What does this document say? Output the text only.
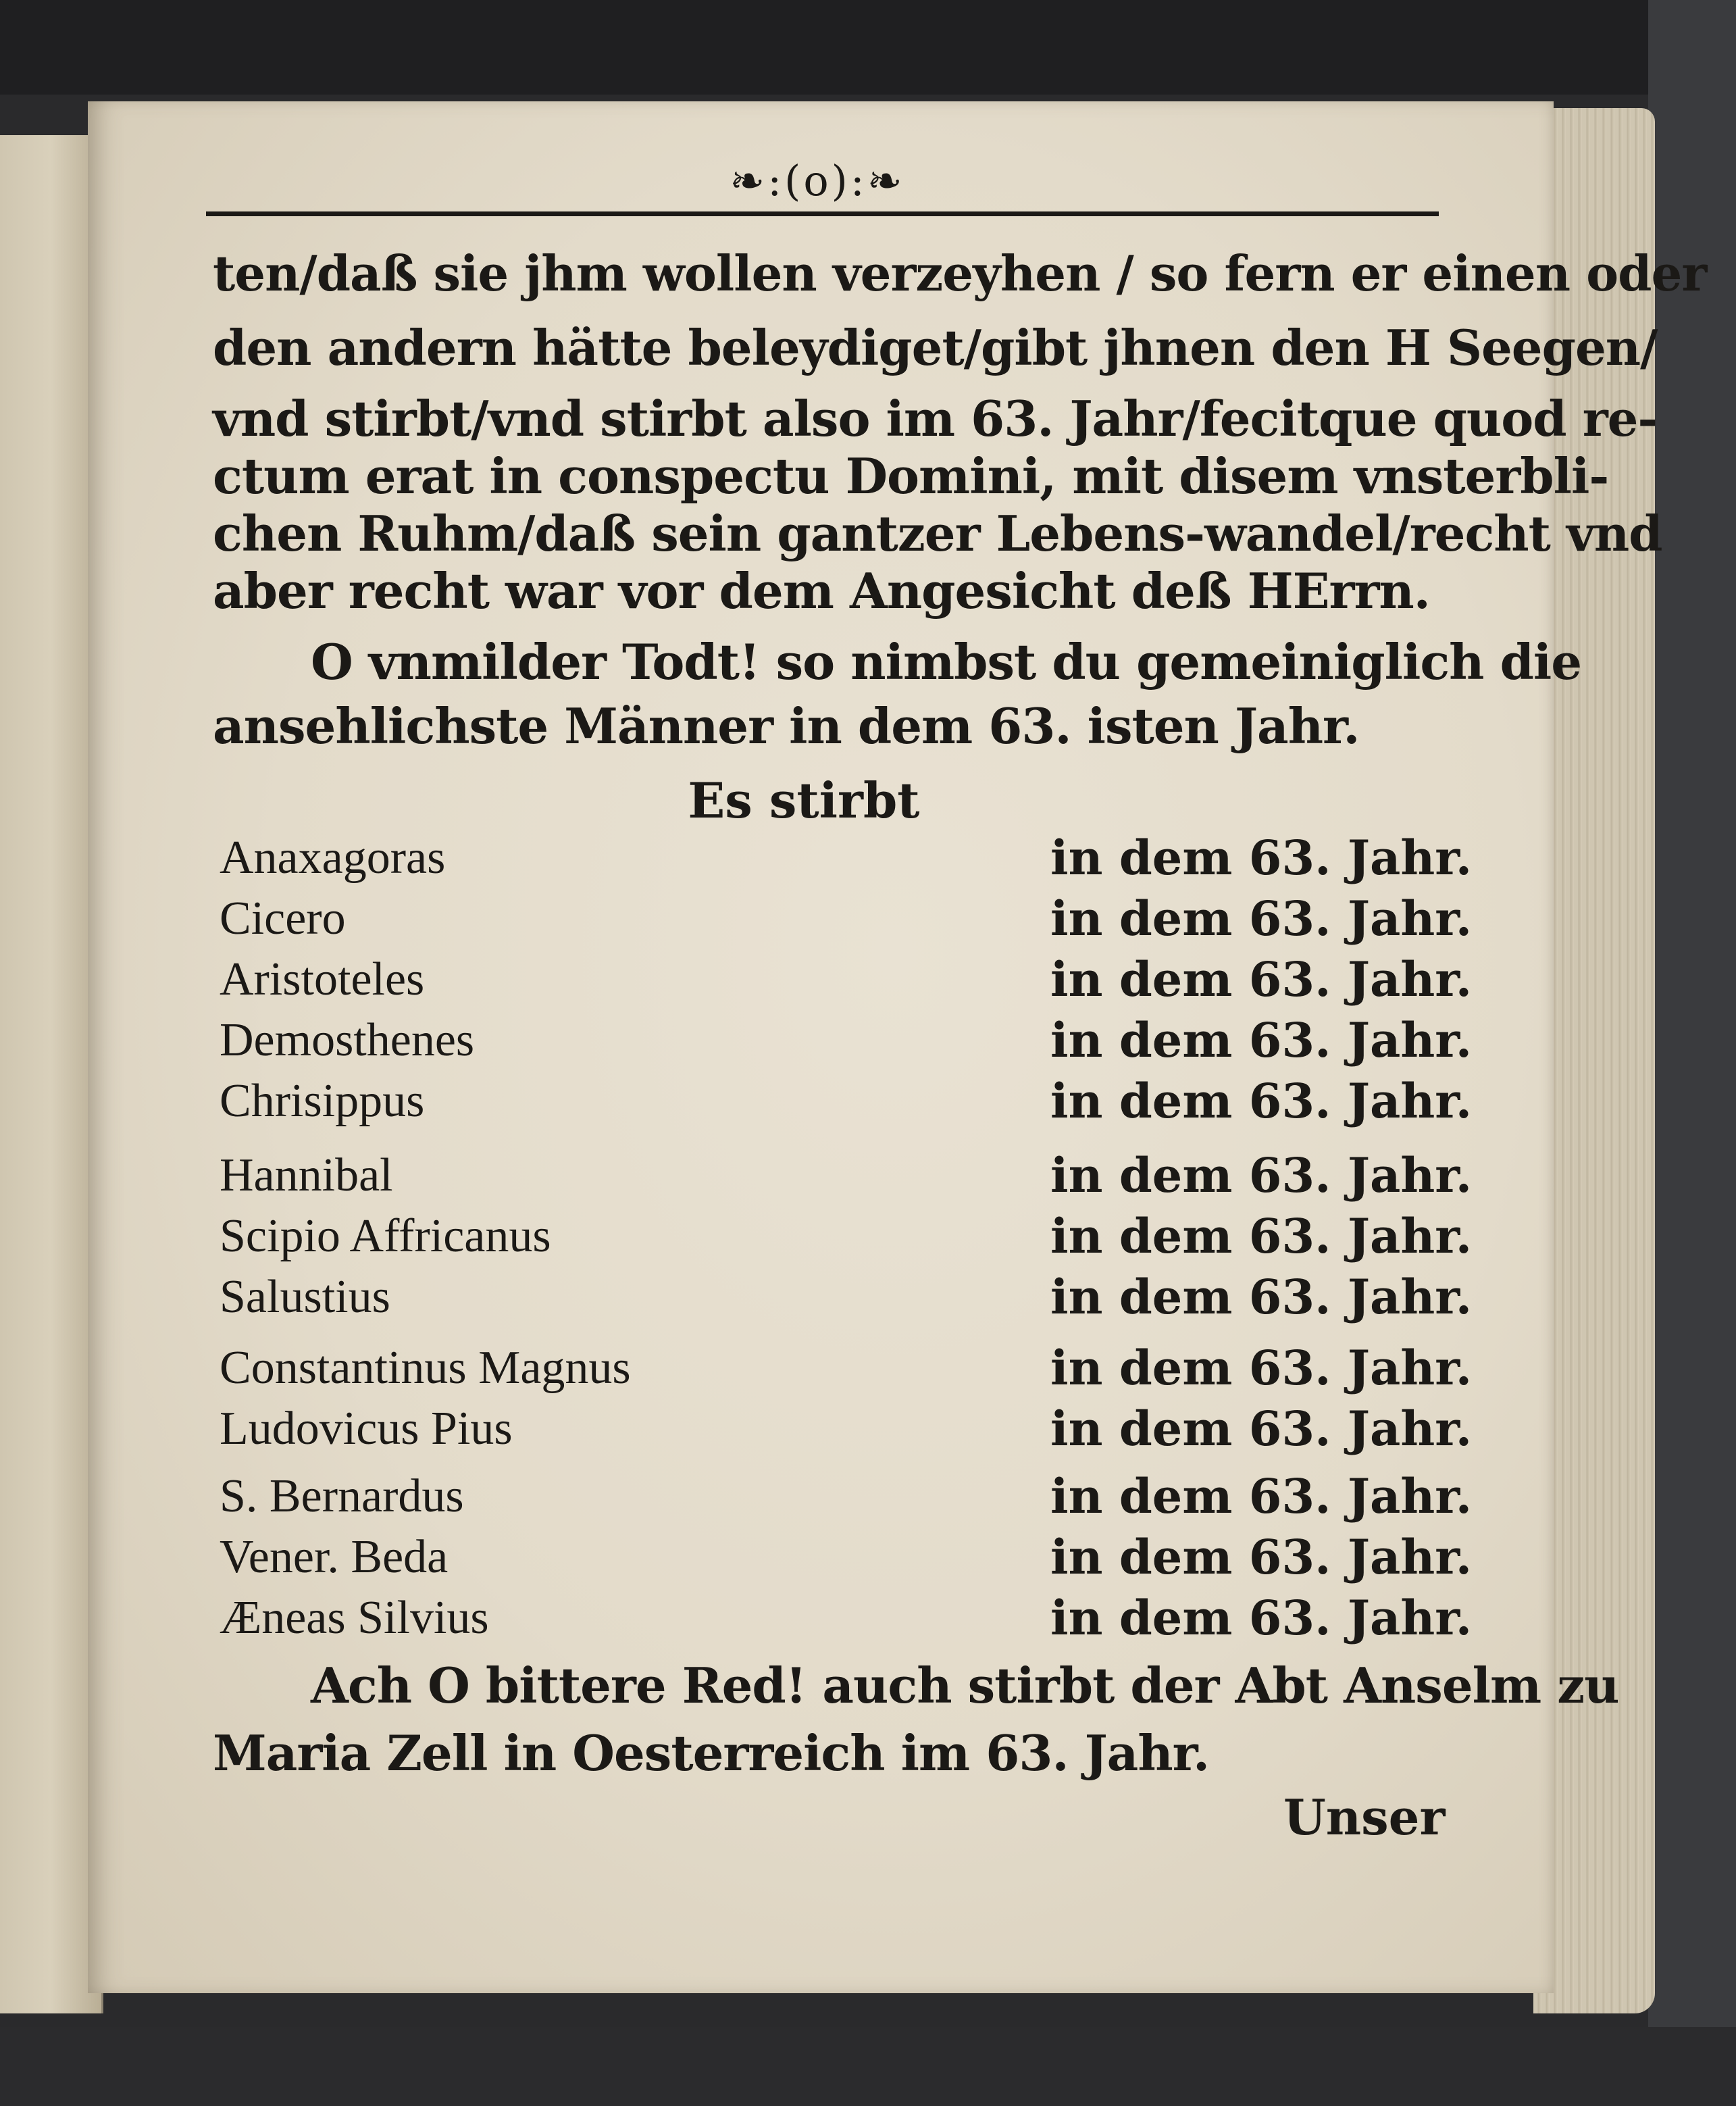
❧:(o):❧
ten/daß sie jhm wollen verzeyhen / so fern er einen oder
den andern hätte beleydiget/gibt jhnen den H Seegen/
vnd stirbt/vnd stirbt also im 63. Jahr/fecitque quod re-
ctum erat in conspectu Domini, mit disem vnsterbli-
chen Ruhm/daß sein gantzer Lebens-wandel/recht vnd
aber recht war vor dem Angesicht deß HErrn.
O vnmilder Todt! so nimbst du gemeiniglich die
ansehlichste Männer in dem 63. isten Jahr.
Es stirbt
Anaxagoras	in dem 63. Jahr.
Cicero	in dem 63. Jahr.
Aristoteles	in dem 63. Jahr.
Demosthenes	in dem 63. Jahr.
Chrisippus	in dem 63. Jahr.
Hannibal	in dem 63. Jahr.
Scipio Affricanus	in dem 63. Jahr.
Salustius	in dem 63. Jahr.
Constantinus Magnus	in dem 63. Jahr.
Ludovicus Pius	in dem 63. Jahr.
S. Bernardus	in dem 63. Jahr.
Vener. Beda	in dem 63. Jahr.
Æneas Silvius	in dem 63. Jahr.
Ach O bittere Red! auch stirbt der Abt Anselm zu
Maria Zell in Oesterreich im 63. Jahr.
Unser
